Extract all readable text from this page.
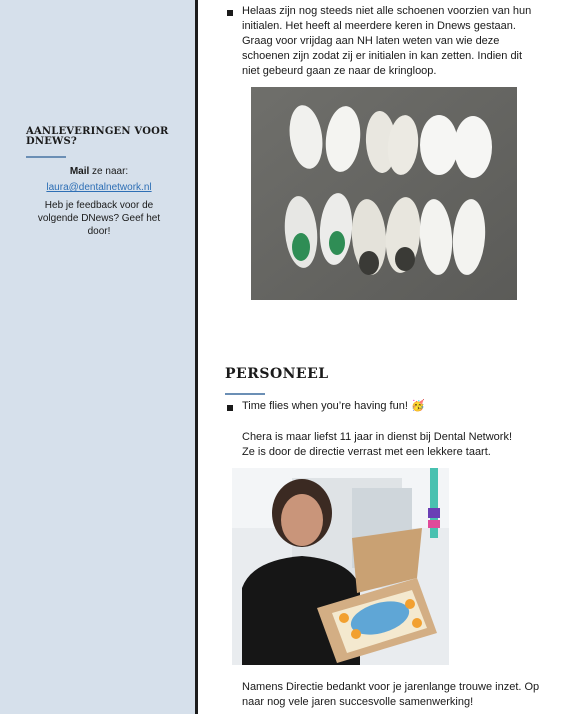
AANLEVERINGEN VOOR DNEWS?
Mail ze naar:
laura@dentalnetwork.nl
Heb je feedback voor de volgende DNews? Geef het door!
Helaas zijn nog steeds niet alle schoenen voorzien van hun
initialen. Het heeft al meerdere keren in Dnews gestaan.
Graag voor vrijdag aan NH laten weten van wie deze
schoenen zijn zodat zij er initialen in kan zetten. Indien dit
niet gebeurd gaan ze naar de kringloop.
PERSONEEL
Time flies when you’re having fun! 🥳
Chera is maar liefst 11 jaar in dienst bij Dental Network!
Ze is door de directie verrast met een lekkere taart.
Namens Directie bedankt voor je jarenlange trouwe inzet. Op
naar nog vele jaren succesvolle samenwerking!
